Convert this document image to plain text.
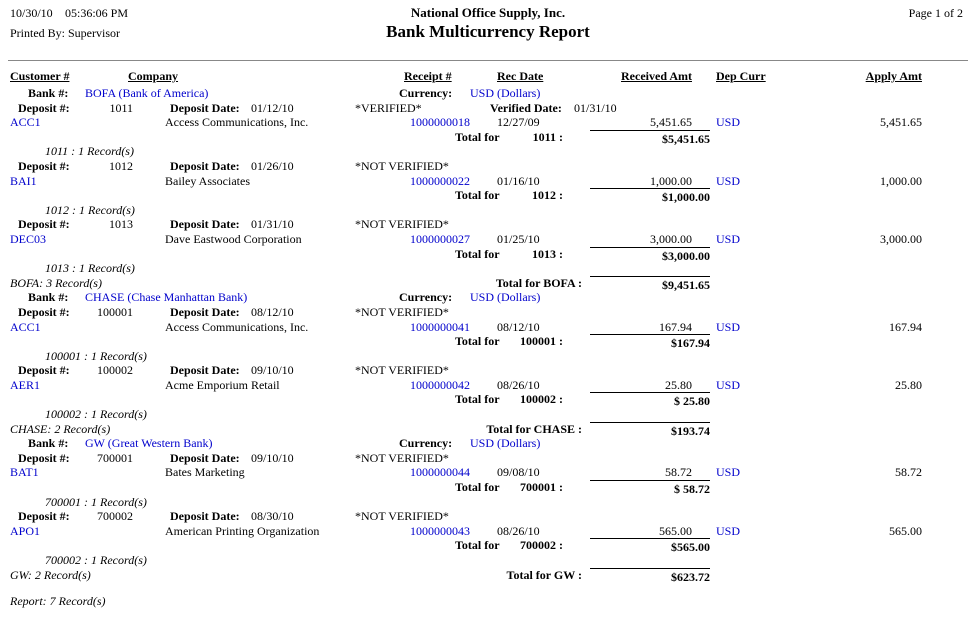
10/30/10 05:36:06 PM	National Office Supply, Inc.	Page 1 of 2
Printed By: Supervisor	Bank Multicurrency Report
Customer #	Company	Receipt #	Rec Date	Received Amt Dep Curr	Apply Amt
Bank #: BOFA (Bank of America)	Currency: USD (Dollars)
Deposit #:	1011	Deposit Date: 01/12/10	*VERIFIED*	Verified Date: 01/31/10
ACC1	Access Communications, Inc.	1000000018 12/27/09	5,451.65 USD	5,451.65
Total for	1011 :	$5,451.65
1011 : 1 Record(s)
Deposit #:	1012	Deposit Date: 01/26/10	*NOT VERIFIED*
BAI1	Bailey Associates	1000000022 01/16/10	1,000.00 USD	1,000.00
Total for	1012 :	$1,000.00
1012 : 1 Record(s)
Deposit #:	1013	Deposit Date: 01/31/10	*NOT VERIFIED*
DEC03	Dave Eastwood Corporation	1000000027 01/25/10	3,000.00 USD	3,000.00
Total for	1013 :	$3,000.00
1013 : 1 Record(s)
BOFA: 3 Record(s)	Total for BOFA :	$9,451.65
Bank #: CHASE (Chase Manhattan Bank)	Currency: USD (Dollars)
Deposit #:	100001	Deposit Date: 08/12/10	*NOT VERIFIED*
ACC1	Access Communications, Inc.	1000000041 08/12/10	167.94 USD	167.94
Total for	100001 :	$167.94
100001 : 1 Record(s)
Deposit #:	100002	Deposit Date: 09/10/10	*NOT VERIFIED*
AER1	Acme Emporium Retail	1000000042 08/26/10	25.80 USD	25.80
Total for	100002 :	$ 25.80
100002 : 1 Record(s)
CHASE: 2 Record(s)	Total for CHASE :	$193.74
Bank #: GW (Great Western Bank)	Currency: USD (Dollars)
Deposit #:	700001	Deposit Date: 09/10/10	*NOT VERIFIED*
BAT1	Bates Marketing	1000000044 09/08/10	58.72 USD	58.72
Total for	700001 :	$ 58.72
700001 : 1 Record(s)
Deposit #:	700002	Deposit Date: 08/30/10	*NOT VERIFIED*
APO1	American Printing Organization	1000000043 08/26/10	565.00 USD	565.00
Total for	700002 :	$565.00
700002 : 1 Record(s)
GW: 2 Record(s)	Total for GW :	$623.72
Report: 7 Record(s)
